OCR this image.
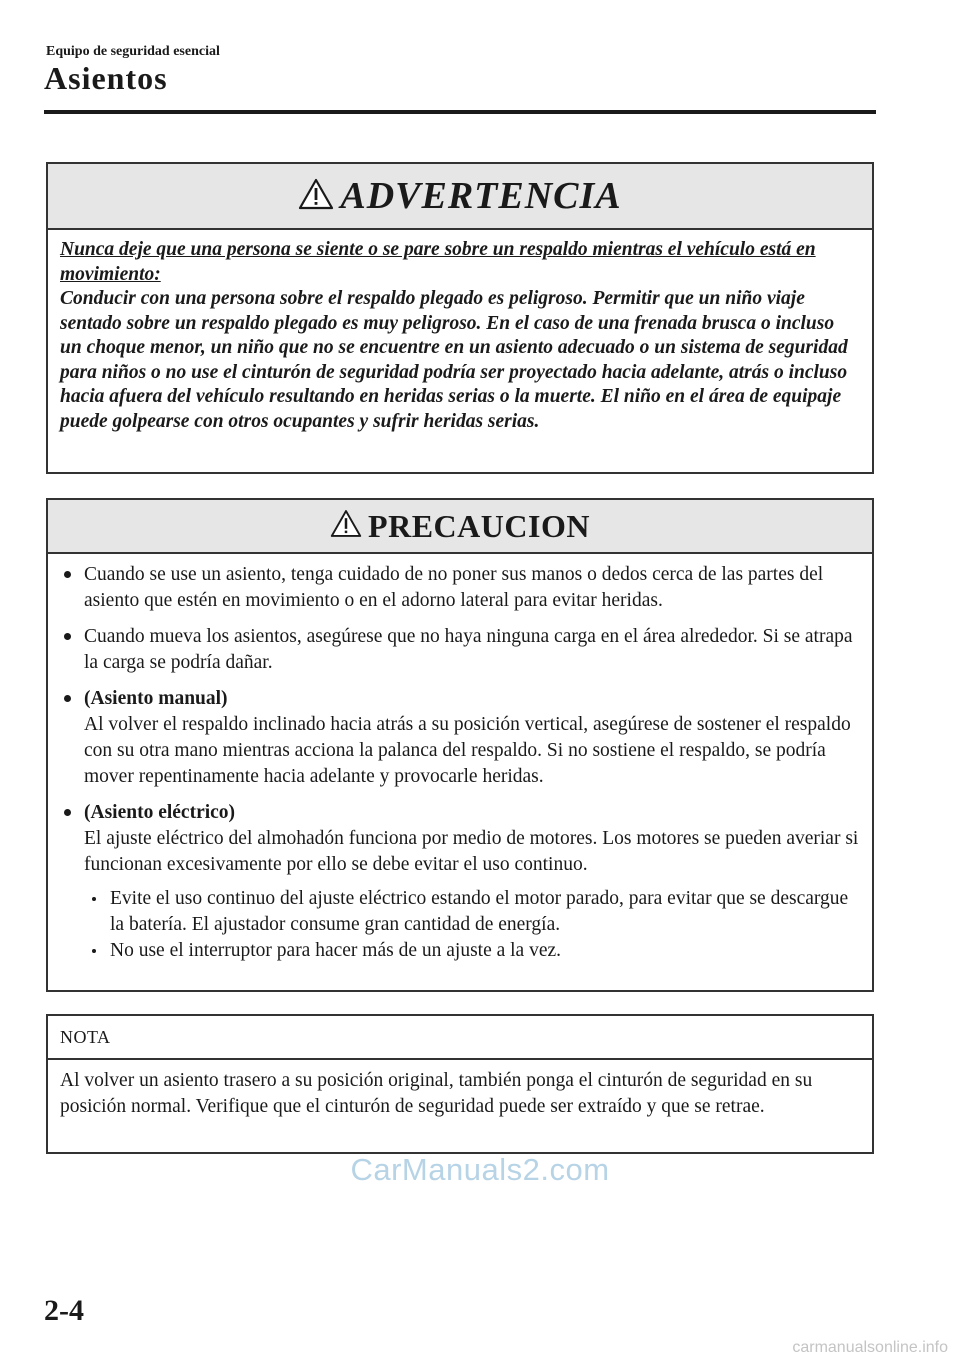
Equipo de seguridad esencial
Asientos
ADVERTENCIA
Nunca deje que una persona se siente o se pare sobre un respaldo mientras el vehículo está en movimiento:
Conducir con una persona sobre el respaldo plegado es peligroso. Permitir que un niño viaje sentado sobre un respaldo plegado es muy peligroso. En el caso de una frenada brusca o incluso un choque menor, un niño que no se encuentre en un asiento adecuado o un sistema de seguridad para niños o no use el cinturón de seguridad podría ser proyectado hacia adelante, atrás o incluso hacia afuera del vehículo resultando en heridas serias o la muerte. El niño en el área de equipaje puede golpearse con otros ocupantes y sufrir heridas serias.
PRECAUCION
Cuando se use un asiento, tenga cuidado de no poner sus manos o dedos cerca de las partes del asiento que estén en movimiento o en el adorno lateral para evitar heridas.
Cuando mueva los asientos, asegúrese que no haya ninguna carga en el área alrededor. Si se atrapa la carga se podría dañar.
(Asiento manual)
Al volver el respaldo inclinado hacia atrás a su posición vertical, asegúrese de sostener el respaldo con su otra mano mientras acciona la palanca del respaldo. Si no sostiene el respaldo, se podría mover repentinamente hacia adelante y provocarle heridas.
(Asiento eléctrico)
El ajuste eléctrico del almohadón funciona por medio de motores. Los motores se pueden averiar si funcionan excesivamente por ello se debe evitar el uso continuo.
Evite el uso continuo del ajuste eléctrico estando el motor parado, para evitar que se descargue la batería. El ajustador consume gran cantidad de energía.
No use el interruptor para hacer más de un ajuste a la vez.
NOTA
Al volver un asiento trasero a su posición original, también ponga el cinturón de seguridad en su posición normal. Verifique que el cinturón de seguridad puede ser extraído y que se retrae.
CarManuals2.com
2-4
carmanualsonline.info
